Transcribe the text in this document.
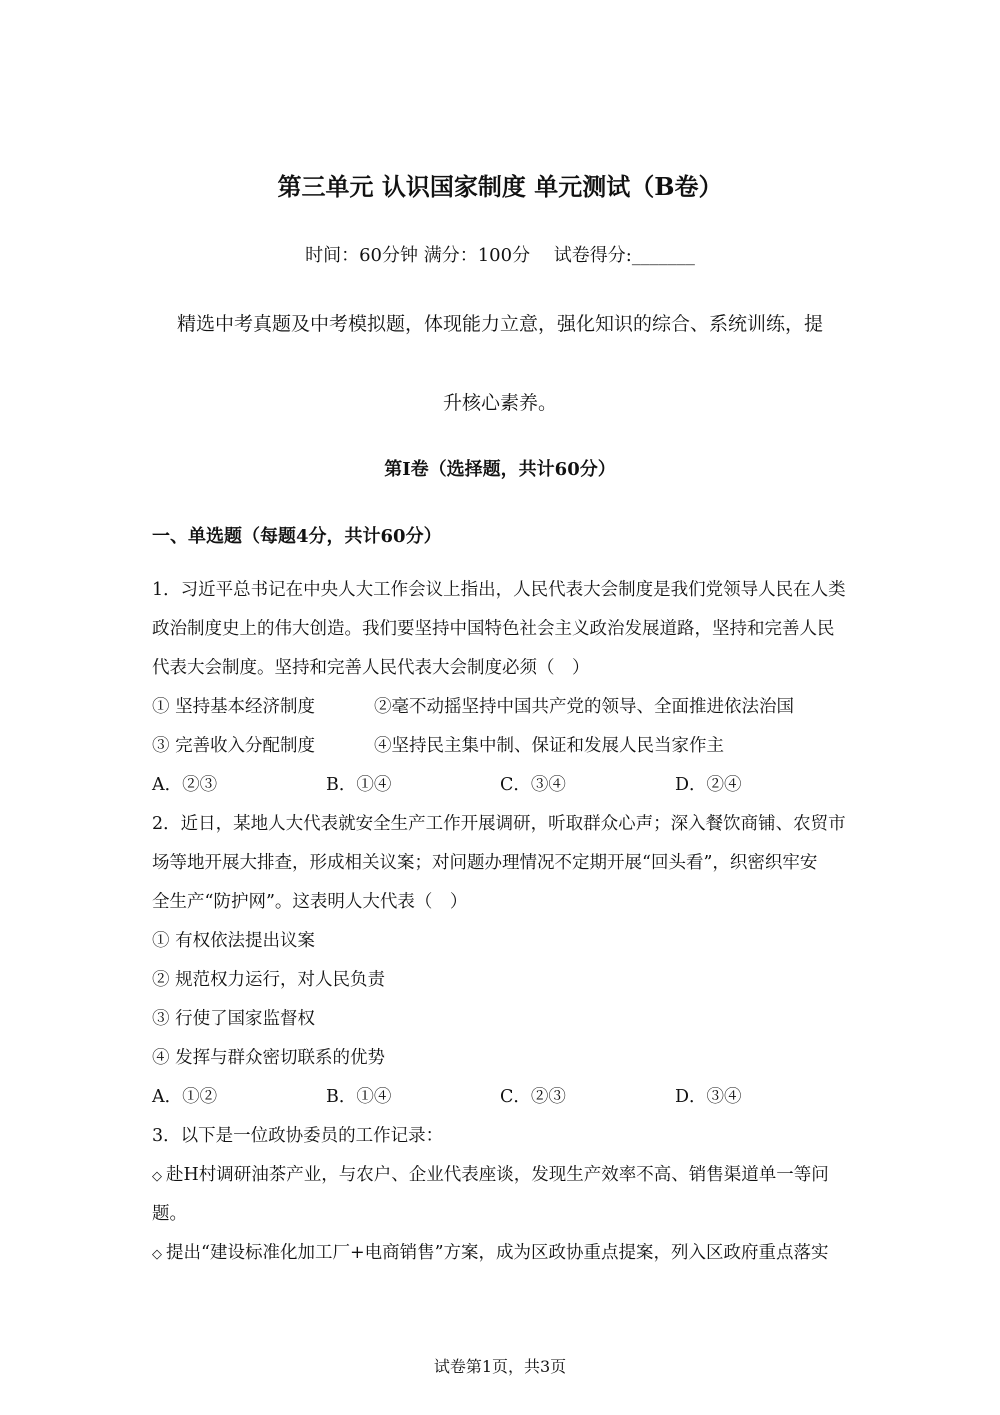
第三单元 认识国家制度 单元测试（B卷）
时间：60分钟 满分：100分　 试卷得分:_______
精选中考真题及中考模拟题，体现能力立意，强化知识的综合、系统训练，提
升核心素养。
第Ⅰ卷（选择题，共计60分）
一、单选题（每题4分，共计60分）
1．习近平总书记在中央人大工作会议上指出，人民代表大会制度是我们党领导人民在人类
政治制度史上的伟大创造。我们要坚持中国特色社会主义政治发展道路，坚持和完善人民
代表大会制度。坚持和完善人民代表大会制度必须（　）
① 坚持基本经济制度	②毫不动摇坚持中国共产党的领导、全面推进依法治国
③ 完善收入分配制度	④坚持民主集中制、保证和发展人民当家作主
A．②③	B．①④	C．③④	D．②④
2．近日，某地人大代表就安全生产工作开展调研，听取群众心声；深入餐饮商铺、农贸市
场等地开展大排查，形成相关议案；对问题办理情况不定期开展“回头看”，织密织牢安
全生产“防护网”。这表明人大代表（　）
① 有权依法提出议案
② 规范权力运行，对人民负责
③ 行使了国家监督权
④ 发挥与群众密切联系的优势
A．①②	B．①④	C．②③	D．③④
3．以下是一位政协委员的工作记录：
◇ 赴H村调研油茶产业，与农户、企业代表座谈，发现生产效率不高、销售渠道单一等问
题。
◇ 提出“建设标准化加工厂+电商销售”方案，成为区政协重点提案，列入区政府重点落实
试卷第1页，共3页
